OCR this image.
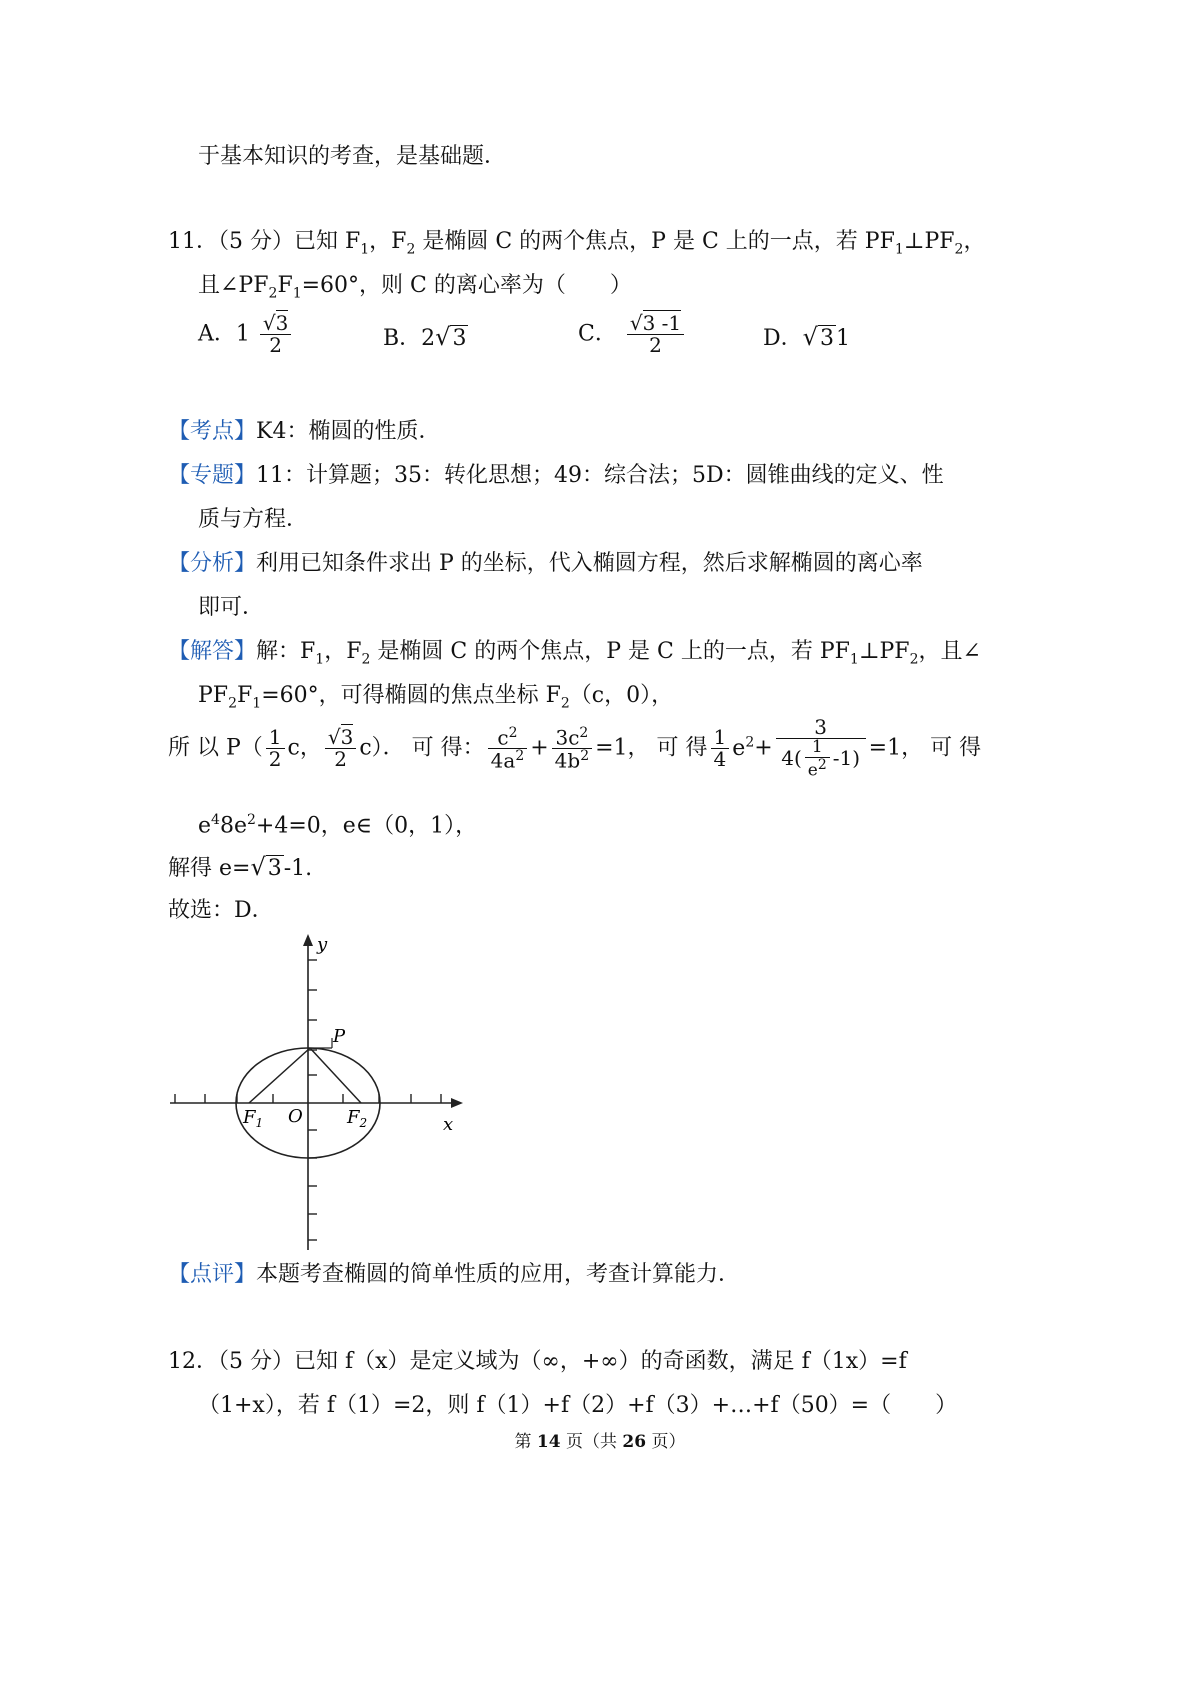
于基本知识的考查，是基础题．
11．（5 分）已知 $F_1$，$F_2$ 是椭圆 C 的两个焦点，P 是 C 上的一点，若 $PF_1\perp PF_2$，
且$\angle PF_2F_1=60^\circ$，则 C 的离心率为（　　）
A．$1 \frac{√3}{2}$	B．2√3	C． $\frac{√3 -1}{2}$	D．√31
【考点】K4：椭圆的性质．
【专题】11：计算题；35：转化思想；49：综合法；5D：圆锥曲线的定义、性
质与方程．
【分析】利用已知条件求出 P 的坐标，代入椭圆方程，然后求解椭圆的离心率
即可．
【解答】解：$F_1$，$F_2$ 是椭圆 C 的两个焦点，P 是 C 上的一点，若 $PF_1\perp PF_2$，且∠
$PF_2F_1=60^\circ$，可得椭圆的焦点坐标 $F_2(c$，0），
所 以 $P( \frac{1}{2}$ c， $\frac{√3}{2} c$）． 可 得： $\frac{c^2}{4a^2} + \frac{3c^2}{4b^2} =1$， 可 得 $\frac{1}{4} e^2+ \frac{3}{4( \frac{1}{e^2} -1)} =1$， 可 得
$e^48e^2+4=0$，e∈（0，1），
解得 e=√3-1.
故选：D．
y
x
P
O
$F_1$	$F_2$
【点评】本题考查椭圆的简单性质的应用，考查计算能力．
12．（5 分）已知 f（x）是定义域为（∞，+∞）的奇函数，满足 f（1x）=f
（1+x），若 f（1）=2，则 f（1）+f（2）+f（3）+…+f（50）=（　　）
第 14 页（共 26 页）
